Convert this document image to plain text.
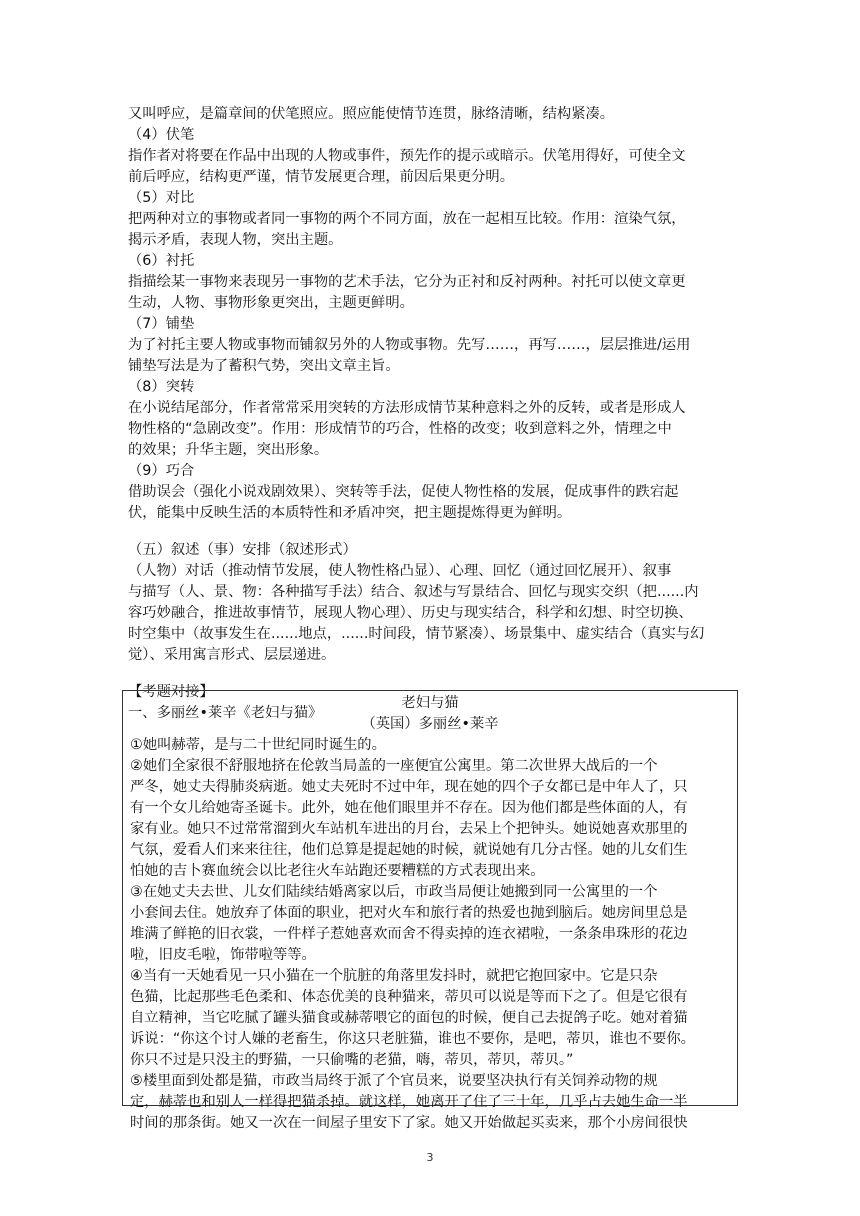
又叫呼应，是篇章间的伏笔照应。照应能使情节连贯，脉络清晰，结构紧凑。
（4）伏笔
指作者对将要在作品中出现的人物或事件，预先作的提示或暗示。伏笔用得好，可使全文
前后呼应，结构更严谨，情节发展更合理，前因后果更分明。
（5）对比
把两种对立的事物或者同一事物的两个不同方面，放在一起相互比较。作用：渲染气氛，
揭示矛盾，表现人物，突出主题。
（6）衬托
指描绘某一事物来表现另一事物的艺术手法，它分为正衬和反衬两种。衬托可以使文章更
生动，人物、事物形象更突出，主题更鲜明。
（7）铺垫
为了衬托主要人物或事物而铺叙另外的人物或事物。先写……，再写……，层层推进/运用
铺垫写法是为了蓄积气势，突出文章主旨。
（8）突转
在小说结尾部分，作者常常采用突转的方法形成情节某种意料之外的反转，或者是形成人
物性格的“急剧改变”。作用：形成情节的巧合，性格的改变；收到意料之外，情理之中
的效果；升华主题，突出形象。
（9）巧合
借助误会（强化小说戏剧效果）、突转等手法，促使人物性格的发展，促成事件的跌宕起
伏，能集中反映生活的本质特性和矛盾冲突，把主题提炼得更为鲜明。
（五）叙述（事）安排（叙述形式）
（人物）对话（推动情节发展，使人物性格凸显）、心理、回忆（通过回忆展开）、叙事
与描写（人、景、物：各种描写手法）结合、叙述与写景结合、回忆与现实交织（把......内
容巧妙融合，推进故事情节，展现人物心理）、历史与现实结合，科学和幻想、时空切换、
时空集中（故事发生在......地点，......时间段，情节紧凑）、场景集中、虚实结合（真实与幻
觉）、采用寓言形式、层层递进。
【考题对接】
一、多丽丝•莱辛《老妇与猫》
老妇与猫
（英国）多丽丝•莱辛
①她叫赫蒂，是与二十世纪同时诞生的。
②她们全家很不舒服地挤在伦敦当局盖的一座便宜公寓里。第二次世界大战后的一个
严冬，她丈夫得肺炎病逝。她丈夫死时不过中年，现在她的四个子女都已是中年人了，只
有一个女儿给她寄圣诞卡。此外，她在他们眼里并不存在。因为他们都是些体面的人，有
家有业。她只不过常常溜到火车站机车进出的月台，去呆上个把钟头。她说她喜欢那里的
气氛，爱看人们来来往往，他们总算是提起她的时候，就说她有几分古怪。她的儿女们生
怕她的吉卜赛血统会以比老往火车站跑还要糟糕的方式表现出来。
③在她丈夫去世、儿女们陆续结婚离家以后，市政当局便让她搬到同一公寓里的一个
小套间去住。她放弃了体面的职业，把对火车和旅行者的热爱也抛到脑后。她房间里总是
堆满了鲜艳的旧衣裳，一件样子惹她喜欢而舍不得卖掉的连衣裙啦，一条条串珠形的花边
啦，旧皮毛啦，饰带啦等等。
④当有一天她看见一只小猫在一个肮脏的角落里发抖时，就把它抱回家中。它是只杂
色猫，比起那些毛色柔和、体态优美的良种猫来，蒂贝可以说是等而下之了。但是它很有
自立精神，当它吃腻了罐头猫食或赫蒂喂它的面包的时候，便自己去捉鸽子吃。她对着猫
诉说：“你这个讨人嫌的老畜生，你这只老脏猫，谁也不要你，是吧，蒂贝，谁也不要你。
你只不过是只没主的野猫，一只偷嘴的老猫，嗨，蒂贝，蒂贝，蒂贝。”
⑤楼里面到处都是猫，市政当局终于派了个官员来，说要坚决执行有关饲养动物的规
定，赫蒂也和别人一样得把猫杀掉。就这样，她离开了住了三十年，几乎占去她生命一半
时间的那条街。她又一次在一间屋子里安下了家。她又开始做起买卖来，那个小房间很快
3
